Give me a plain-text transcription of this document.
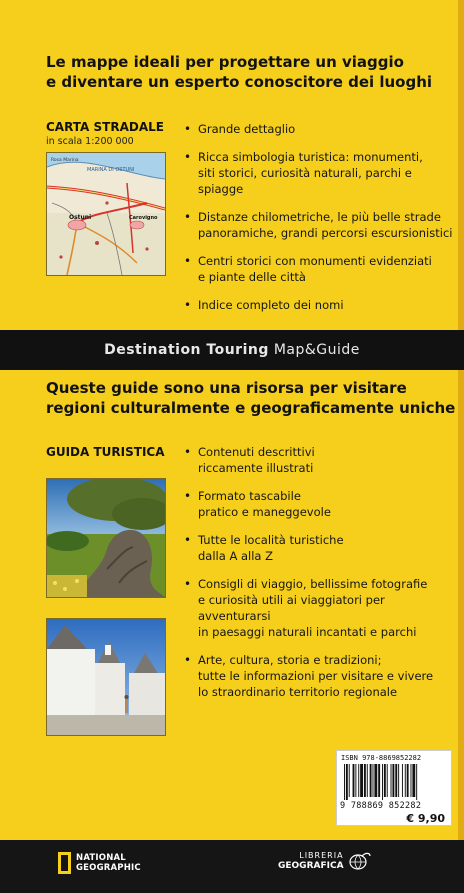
Le mappe ideali per progettare un viaggio
e diventare un esperto conoscitore dei luoghi
CARTA STRADALE
in scala 1:200 000
MARINA DI OSTUNI
Rosa Marina
Ostuni	Carovigno
• Grande dettaglio
• Ricca simbologia turistica: monumenti,
siti storici, curiosità naturali, parchi e spiagge
• Distanze chilometriche, le più belle strade
panoramiche, grandi percorsi escursionistici
• Centri storici con monumenti evidenziati
e piante delle città
• Indice completo dei nomi
Destination Touring Map&Guide
Queste guide sono una risorsa per visitare
regioni culturalmente e geograficamente uniche
GUIDA TURISTICA
•	Contenuti descrittivi
riccamente illustrati
• Formato tascabile
pratico e maneggevole
• Tutte le località turistiche
dalla A alla Z
• Consigli di viaggio, bellissime fotografie
e curiosità utili ai viaggiatori per avventurarsi
in paesaggi naturali incantati e parchi
• Arte, cultura, storia e tradizioni;
tutte le informazioni per visitare e vivere
lo straordinario territorio regionale
ISBN 978-8869852282
9 788869 852282
€ 9,90
NATIONAL
GEOGRAPHIC
LIBRERIA
GEOGRAFICA
